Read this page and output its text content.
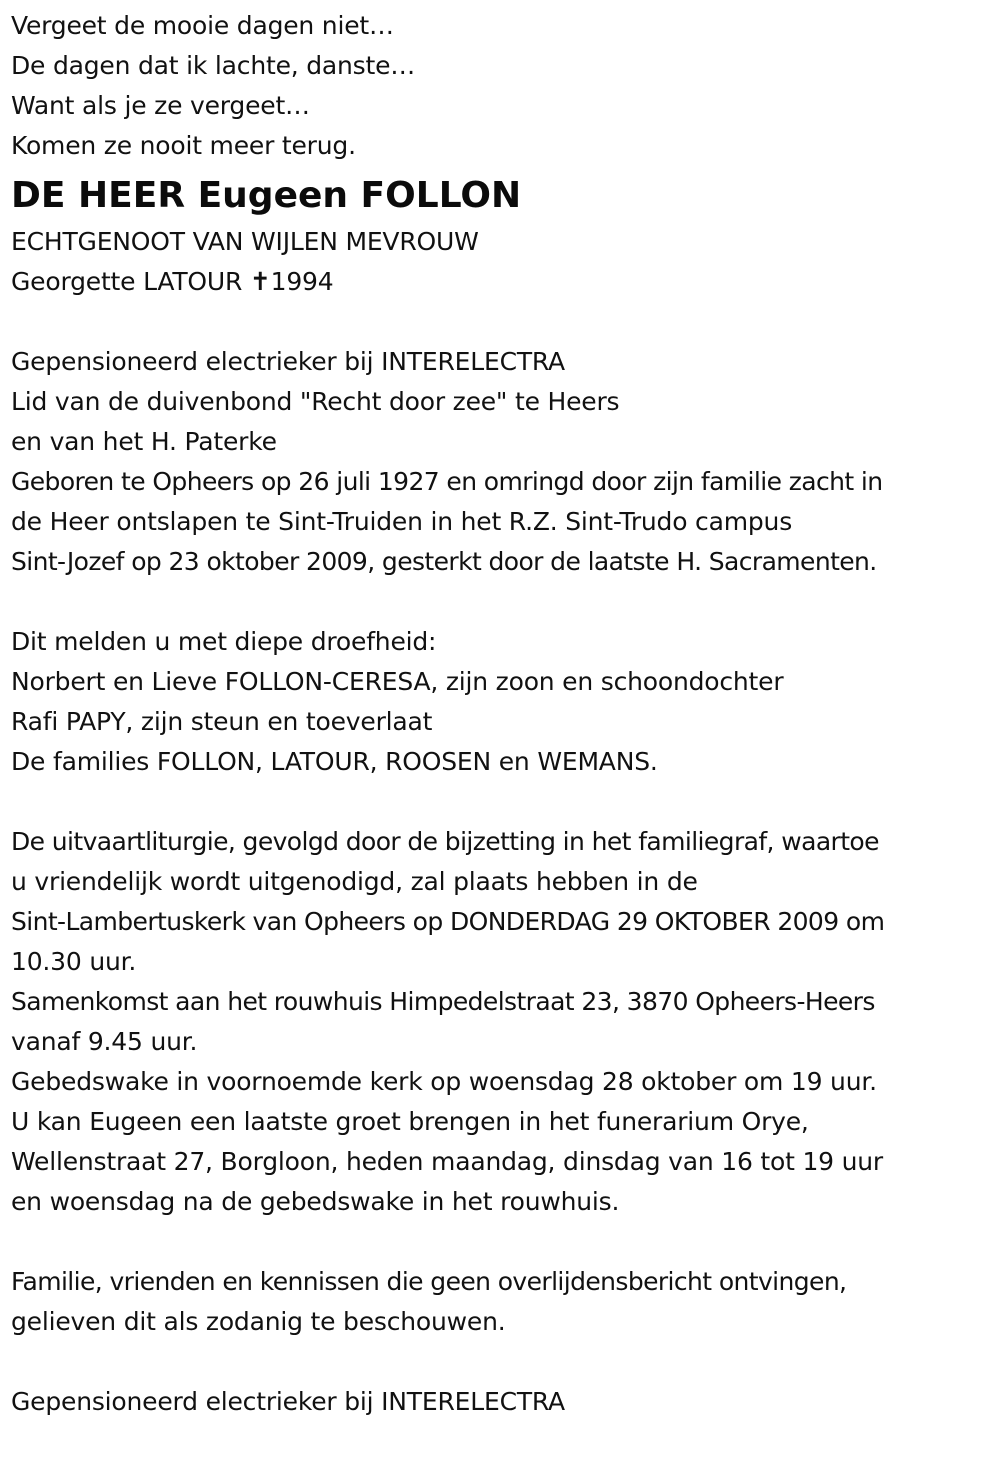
Vergeet de mooie dagen niet…
De dagen dat ik lachte, danste…
Want als je ze vergeet…
Komen ze nooit meer terug.
DE HEER Eugeen FOLLON
ECHTGENOOT VAN WIJLEN MEVROUW
Georgette LATOUR ✝1994
Gepensioneerd electrieker bij INTERELECTRA
Lid van de duivenbond "Recht door zee" te Heers
en van het H. Paterke
Geboren te Opheers op 26 juli 1927 en omringd door zijn familie zacht in
de Heer ontslapen te Sint-Truiden in het R.Z. Sint-Trudo campus
Sint-Jozef op 23 oktober 2009, gesterkt door de laatste H. Sacramenten.
Dit melden u met diepe droefheid:
Norbert en Lieve FOLLON-CERESA, zijn zoon en schoondochter
Rafi PAPY, zijn steun en toeverlaat
De families FOLLON, LATOUR, ROOSEN en WEMANS.
De uitvaartliturgie, gevolgd door de bijzetting in het familiegraf, waartoe
u vriendelijk wordt uitgenodigd, zal plaats hebben in de
Sint-Lambertuskerk van Opheers op DONDERDAG 29 OKTOBER 2009 om
10.30 uur.
Samenkomst aan het rouwhuis Himpedelstraat 23, 3870 Opheers-Heers
vanaf 9.45 uur.
Gebedswake in voornoemde kerk op woensdag 28 oktober om 19 uur.
U kan Eugeen een laatste groet brengen in het funerarium Orye,
Wellenstraat 27, Borgloon, heden maandag, dinsdag van 16 tot 19 uur
en woensdag na de gebedswake in het rouwhuis.
Familie, vrienden en kennissen die geen overlijdensbericht ontvingen,
gelieven dit als zodanig te beschouwen.
Gepensioneerd electrieker bij INTERELECTRA
